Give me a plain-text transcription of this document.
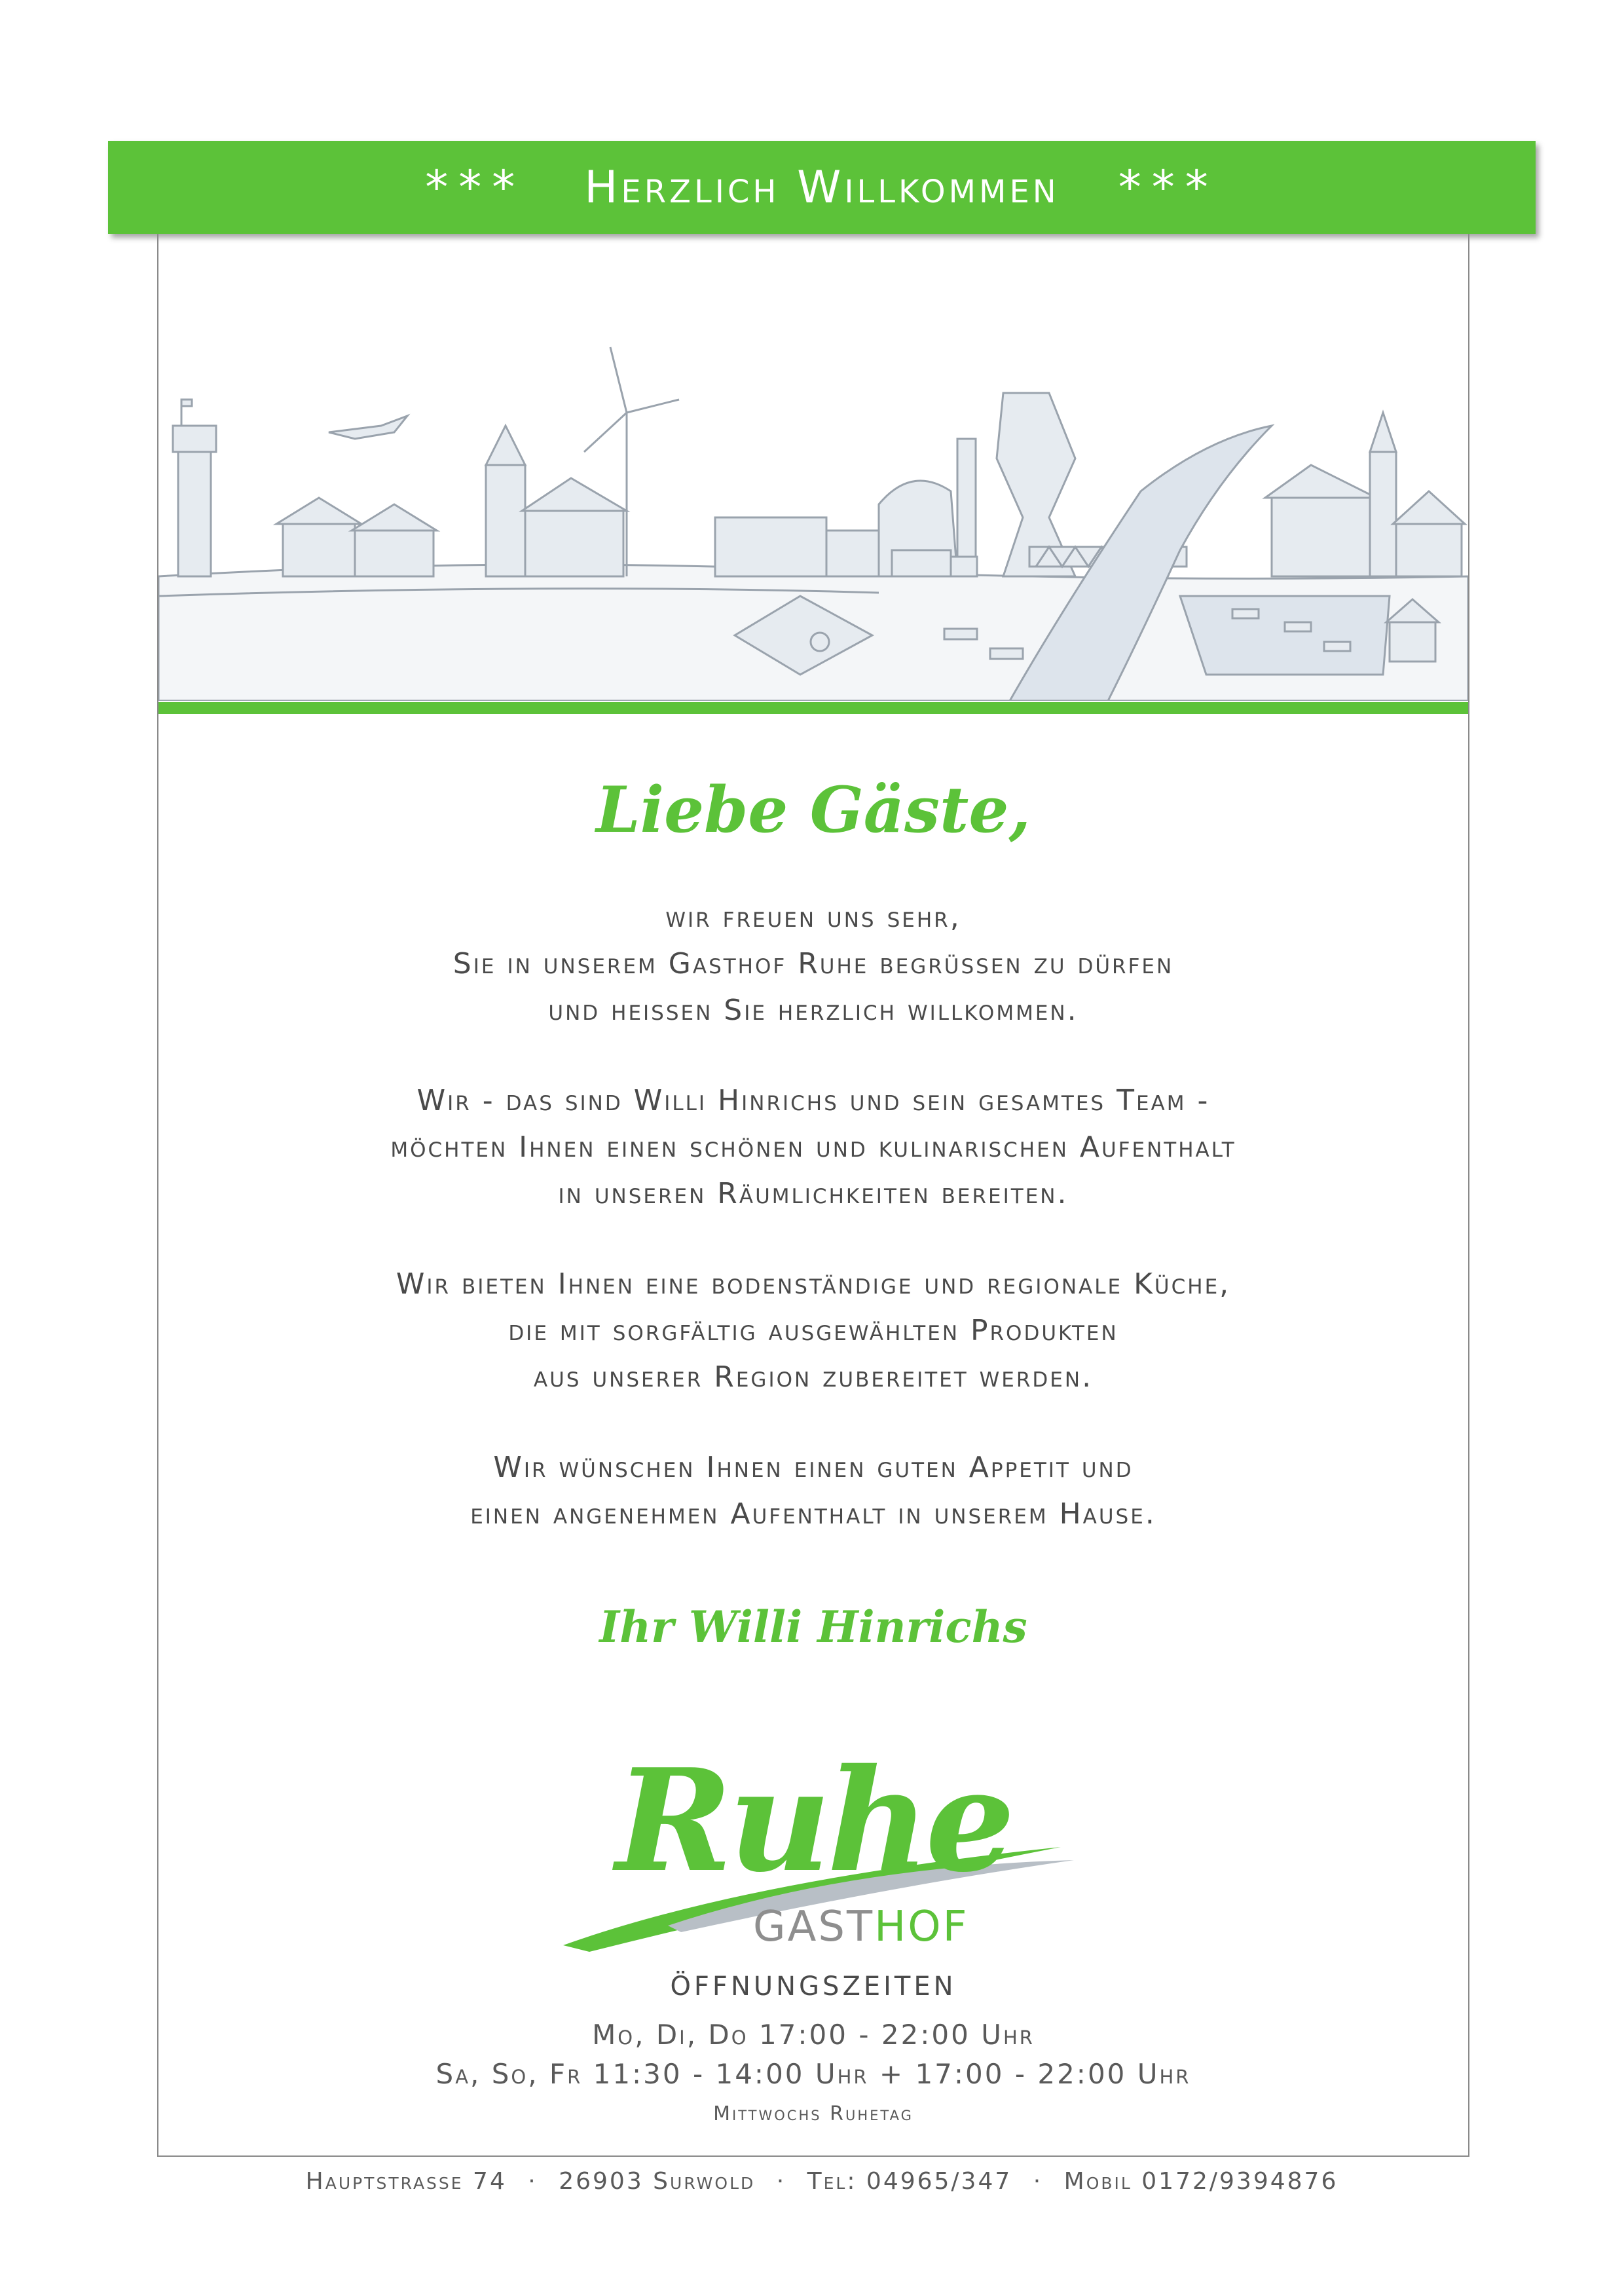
*** Herzlich Willkommen ***
Liebe Gäste,
wir freuen uns sehr,
Sie in unserem Gasthof Ruhe begrüssen zu dürfen
und heissen Sie herzlich willkommen.
Wir - das sind Willi Hinrichs und sein gesamtes Team -
möchten Ihnen einen schönen und kulinarischen Aufenthalt
in unseren Räumlichkeiten bereiten.
Wir bieten Ihnen eine bodenständige und regionale Küche,
die mit sorgfältig ausgewählten Produkten
aus unserer Region zubereitet werden.
Wir wünschen Ihnen einen guten Appetit und
einen angenehmen Aufenthalt in unserem Hause.
Ihr Willi Hinrichs
Ruhe
GASTHOF
ÖFFNUNGSZEITEN
Mo, Di, Do 17:00 - 22:00 Uhr
Sa, So, Fr 11:30 - 14:00 Uhr + 17:00 - 22:00 Uhr
Mittwochs Ruhetag
Hauptstrasse 74 · 26903 Surwold · Tel: 04965/347 · Mobil 0172/9394876
